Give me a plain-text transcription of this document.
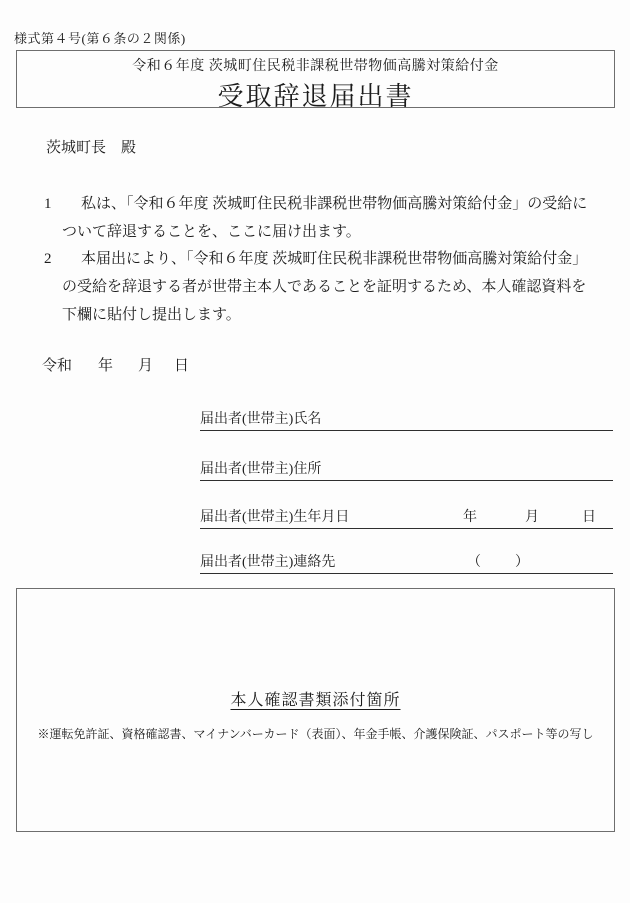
様式第４号(第６条の２関係)
令和６年度 茨城町住民税非課税世帯物価高騰対策給付金
受取辞退届出書
茨城町長　殿
1 私は、「令和６年度 茨城町住民税非課税世帯物価高騰対策給付金」の受給に
ついて辞退することを、ここに届け出ます。
2 本届出により、「令和６年度 茨城町住民税非課税世帯物価高騰対策給付金」
の受給を辞退する者が世帯主本人であることを証明するため、本人確認資料を
下欄に貼付し提出します。
令和 年 月 日
届出者(世帯主)氏名
届出者(世帯主)住所
届出者(世帯主)生年月日	年	月	日
届出者(世帯主)連絡先	（ ）
本人確認書類添付箇所
※運転免許証、資格確認書、マイナンバーカード（表面）、年金手帳、介護保険証、パスポート等の写し
